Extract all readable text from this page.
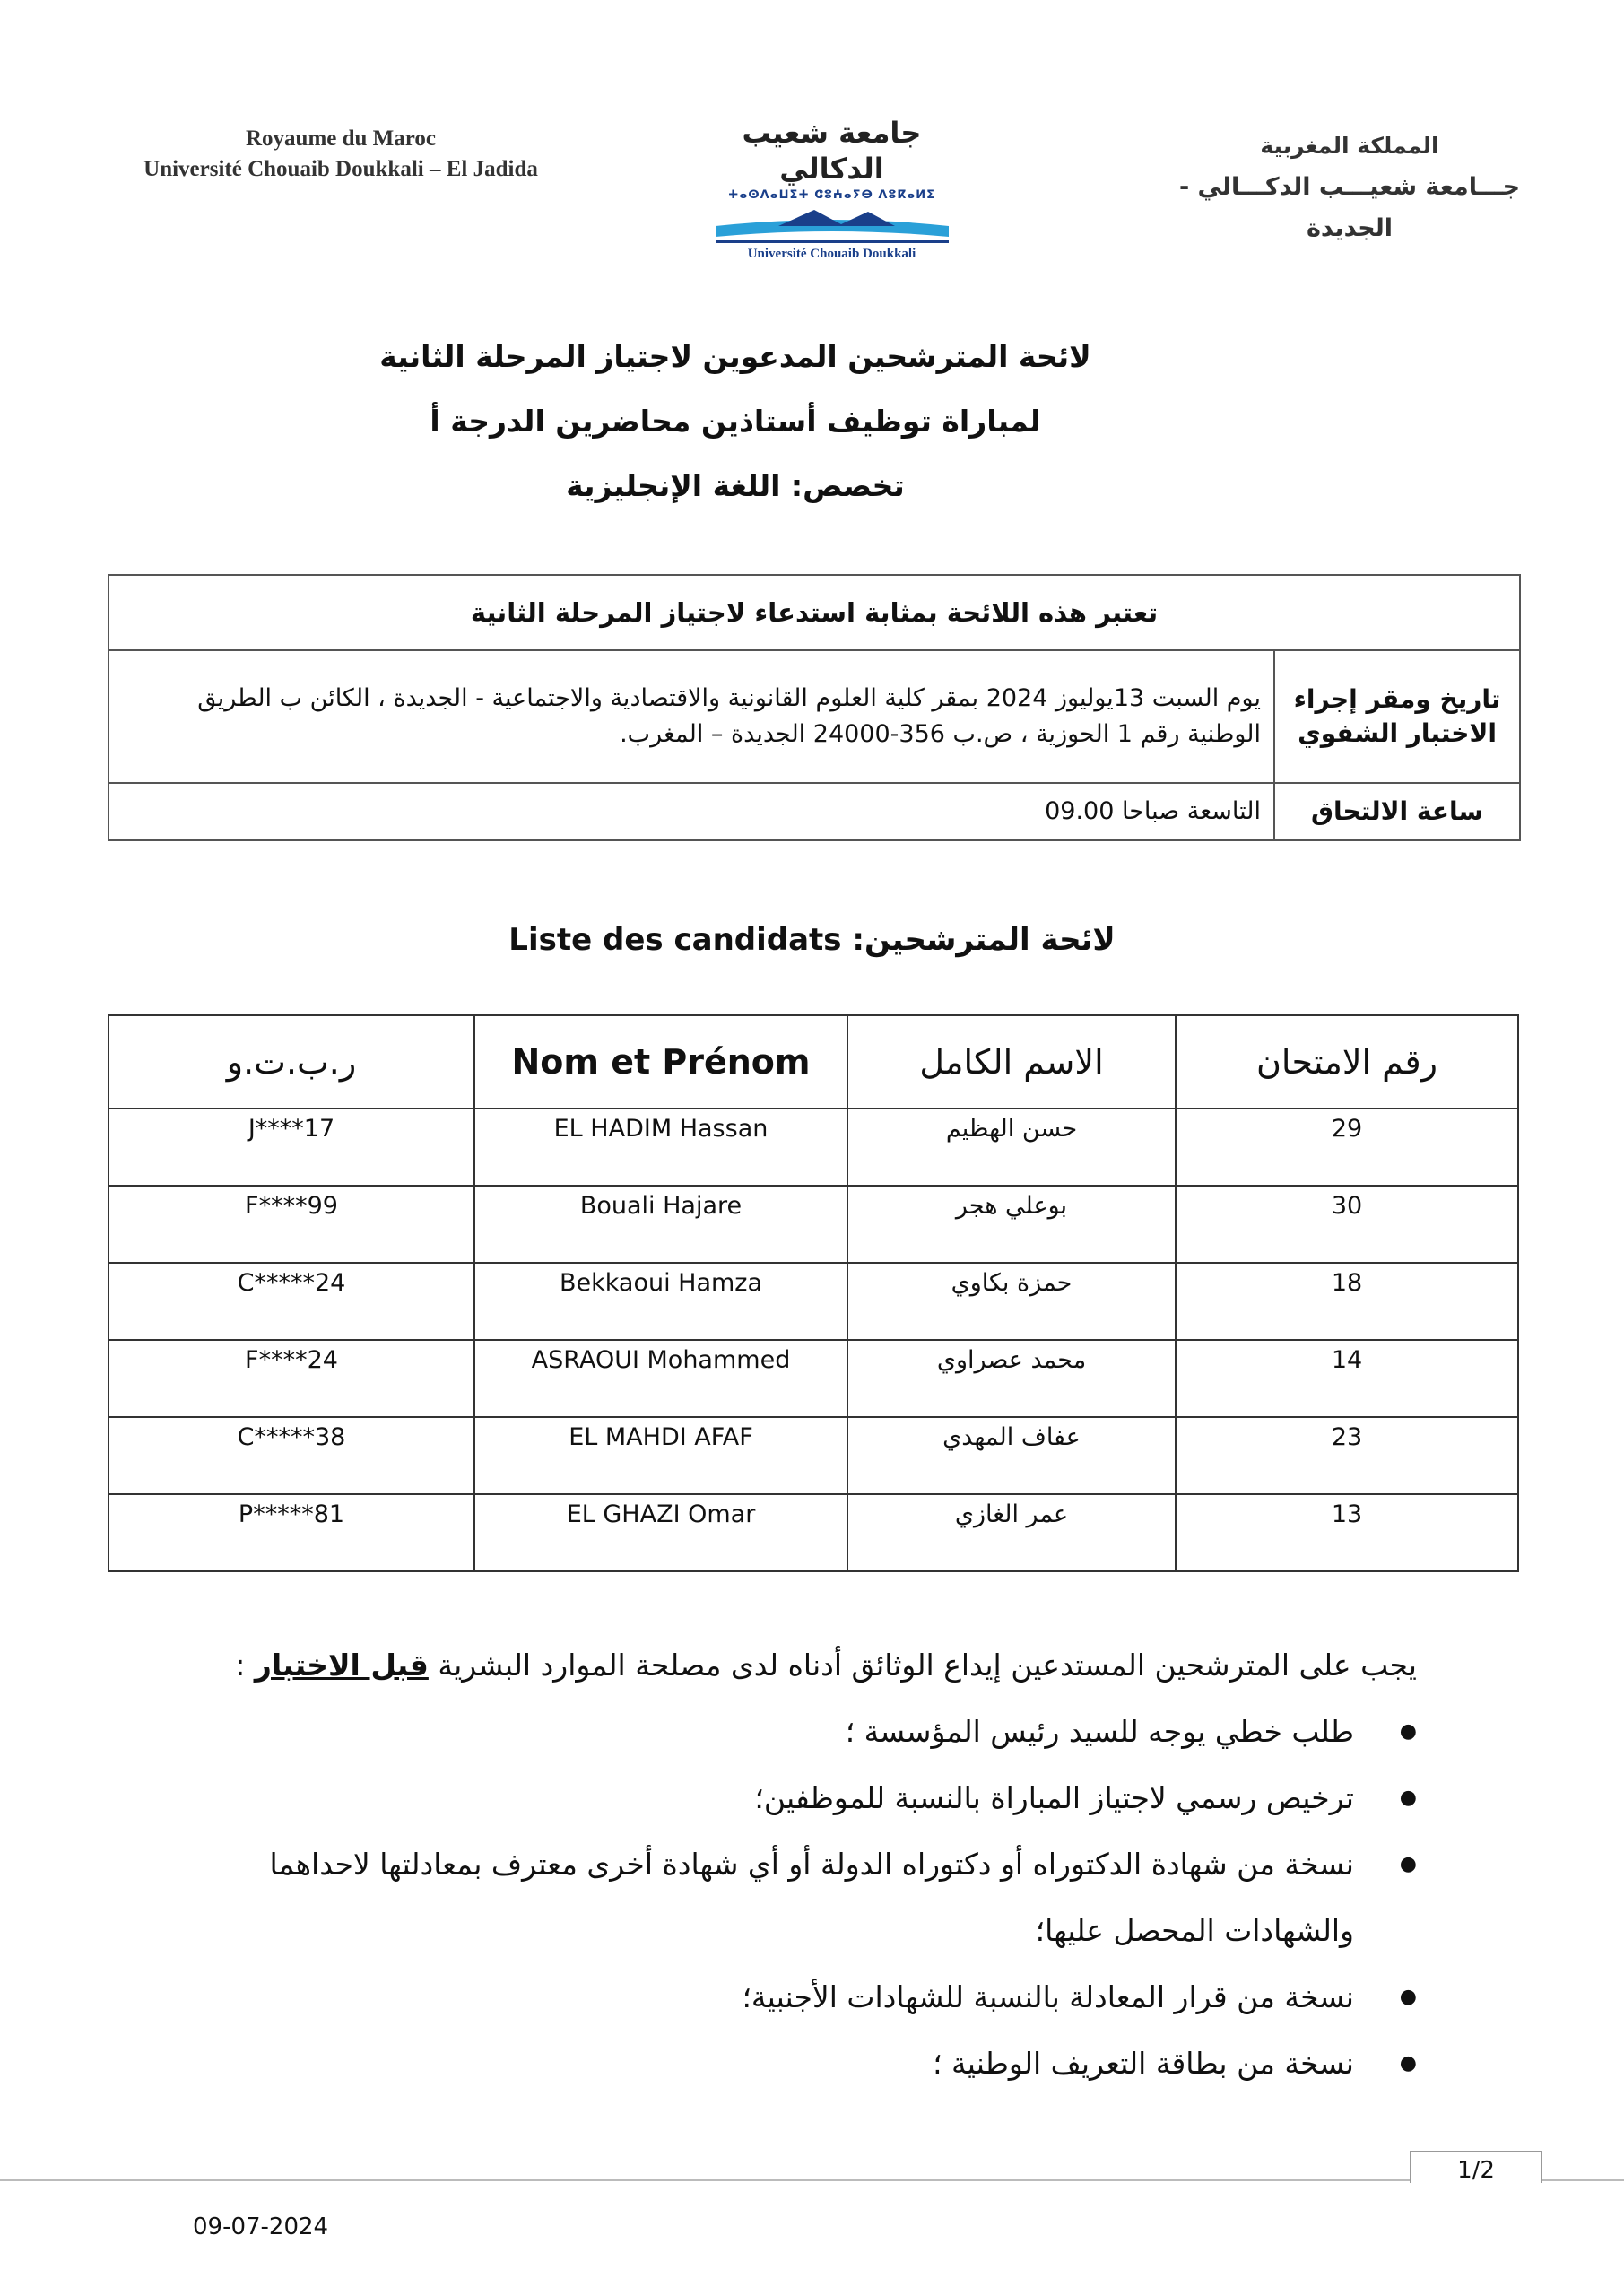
Royaume du Maroc
Université Chouaib Doukkali – El Jadida
جامعة شعيب الدكالي
ⵜⴰⵙⴷⴰⵡⵉⵜ ⵛⵓⵄⴰⵢⴱ ⴷⵓⴽⴰⵍⵉ
Université Chouaib Doukkali
المملكة المغربية
جـــامعة شعيـــب الدكـــالي - الجديدة
لائحة المترشحين المدعوين لاجتياز المرحلة الثانية
لمباراة توظيف أستاذين محاضرين الدرجة أ
تخصص: اللغة الإنجليزية
تعتبر هذه اللائحة بمثابة استدعاء لاجتياز المرحلة الثانية	
تاريخ ومقر إجراء الاختبار الشفوي	يوم السبت 13يوليوز 2024 بمقر كلية العلوم القانونية والاقتصادية والاجتماعية - الجديدة ، الكائن ب الطريق الوطنية رقم 1 الحوزية ، ص.ب 356-24000 الجديدة – المغرب.
ساعة الالتحاق	التاسعة صباحا 09.00
Liste des candidats :لائحة المترشحين
ر.ب.ت.و	Nom et Prénom	الاسم الكامل	رقم الامتحان
J****17	EL HADIM Hassan	حسن الهظيم	29
F****99	Bouali Hajare	بوعلي هجر	30
C*****24	Bekkaoui Hamza	حمزة بكاوي	18
F****24	ASRAOUI Mohammed	محمد عصراوي	14
C*****38	EL MAHDI AFAF	عفاف المهدي	23
P*****81	EL GHAZI Omar	عمر الغازي	13
يجب على المترشحين المستدعين إيداع الوثائق أدناه لدى مصلحة الموارد البشرية قبل الاختبار :
● طلب خطي يوجه للسيد رئيس المؤسسة ؛
● ترخيص رسمي لاجتياز المباراة بالنسبة للموظفين؛
● نسخة من شهادة الدكتوراه أو دكتوراه الدولة أو أي شهادة أخرى معترف بمعادلتها لاحداهما والشهادات المحصل عليها؛
● نسخة من قرار المعادلة بالنسبة للشهادات الأجنبية؛
● نسخة من بطاقة التعريف الوطنية ؛
1/2
09-07-2024
